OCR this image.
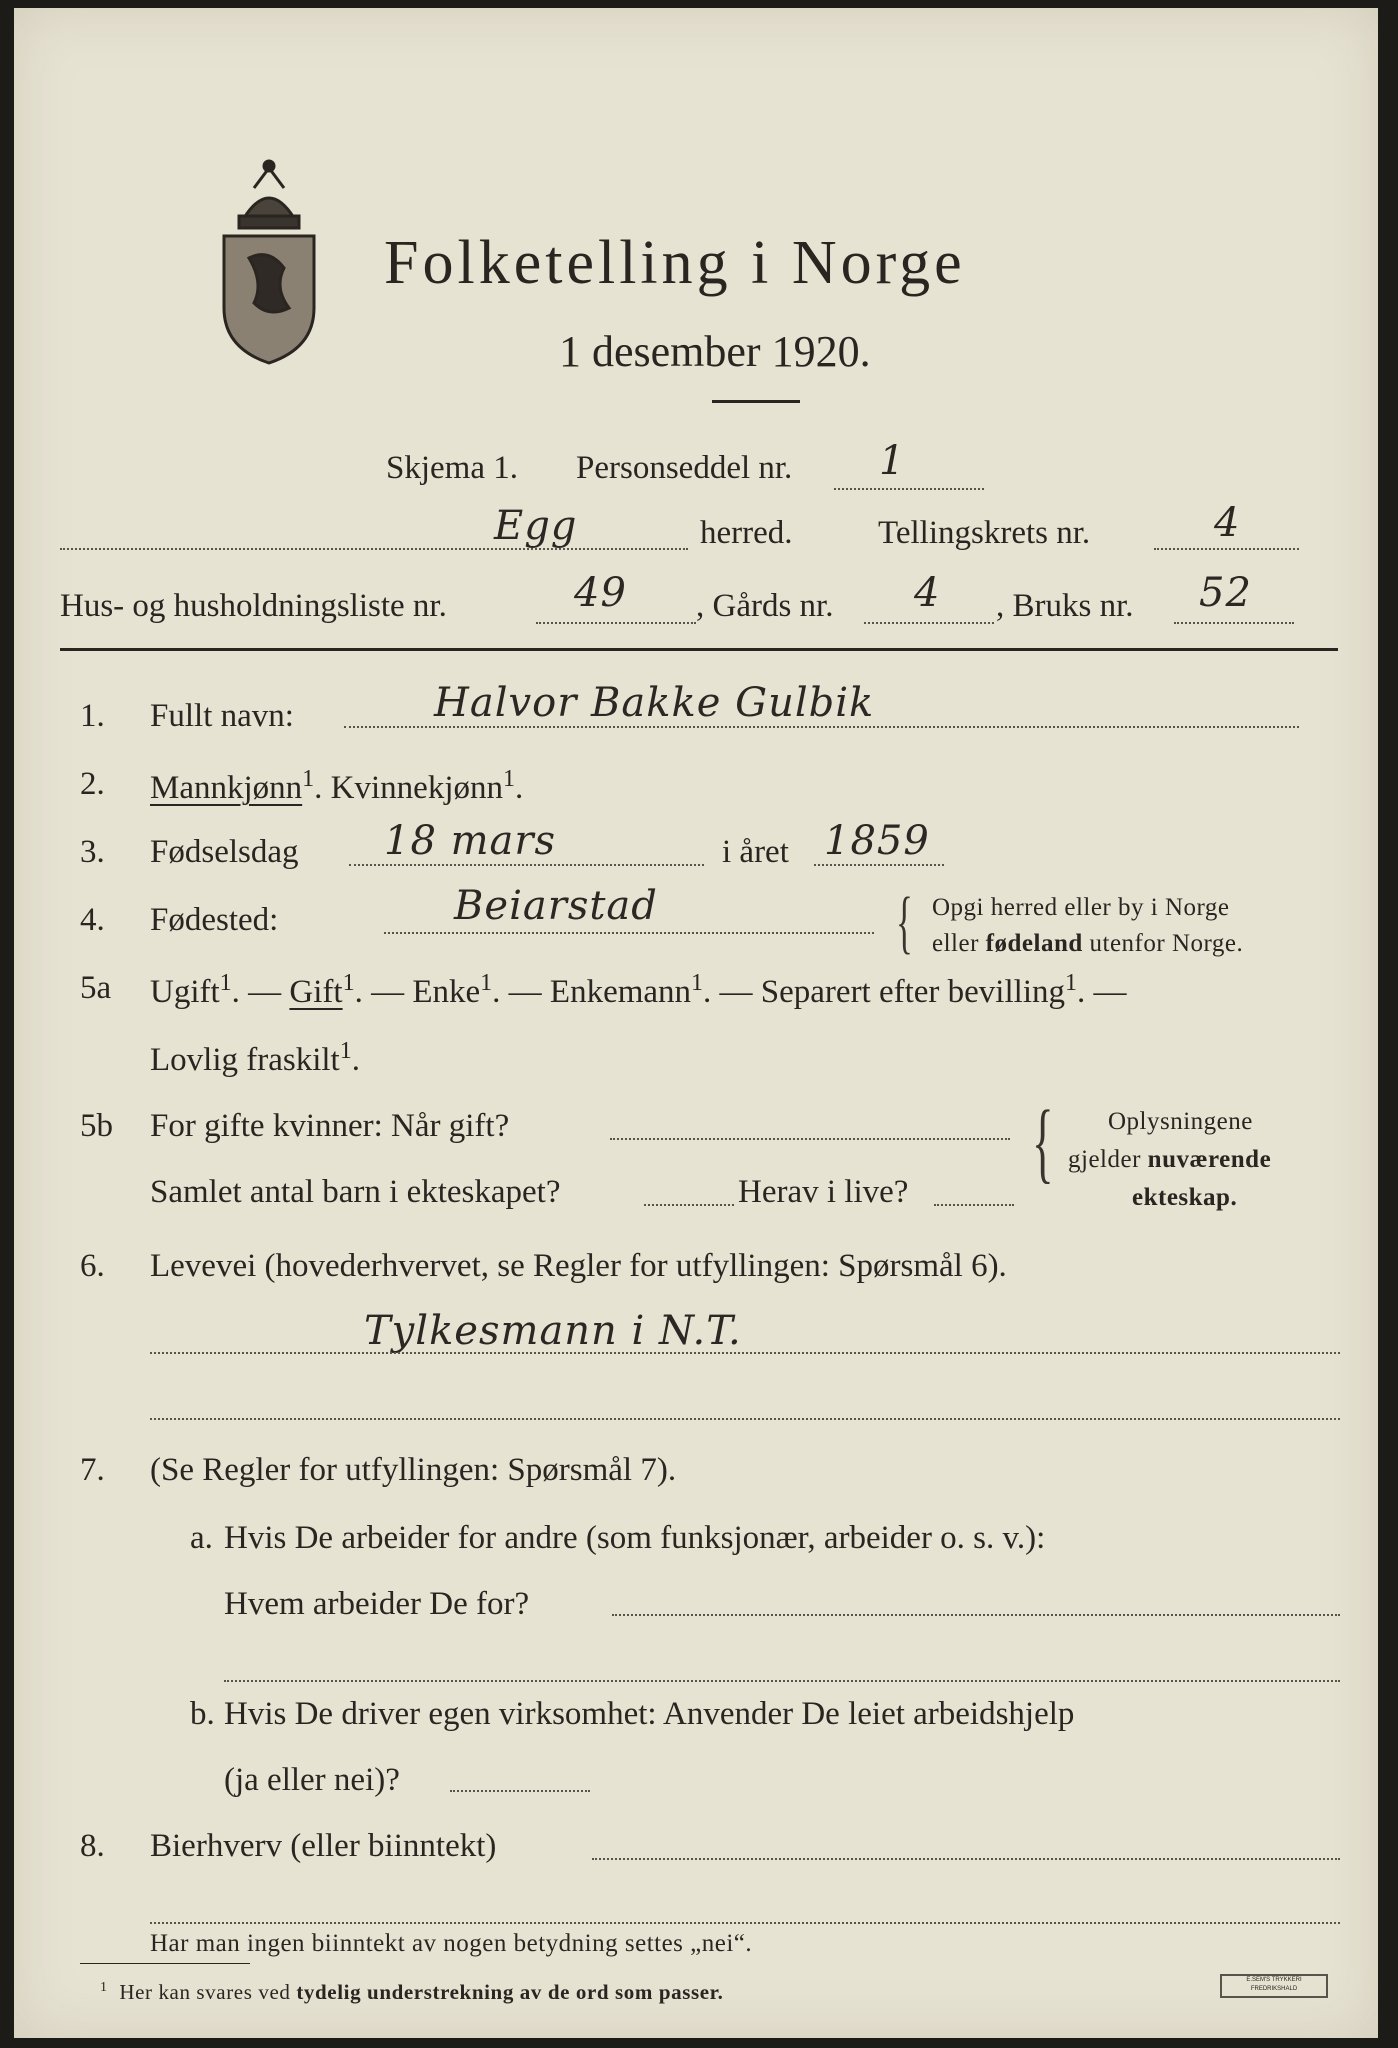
Folketelling i Norge
1 desember 1920.
Skjema 1. Personseddel nr. 1
Egg	herred.	Tellingskrets nr.	4
Hus- og husholdningsliste nr.	49 , Gårds nr. 4 , Bruks nr. 52
1. Fullt navn:	Halvor Bakke Gulbik
2. Mannkjønn$^1$. Kvinnekjønn$^1$.
3. Fødselsdag 18 mars	i året 1859
4. Fødested:	Beiarstad	{ Opgi herred eller by i Norge
eller fødeland utenfor Norge.
5a Ugift$^1$. — Gift$^1$. — Enke$^1$. — Enkemann$^1$. — Separert efter bevilling$^1$. —
Lovlig fraskilt$^1$.
5b For gifte kvinner: Når gift?
Samlet antal barn i ekteskapet?	Herav i live? { Oplysningene
gjelder nuværende
ekteskap.
6. Levevei (hovederhvervet, se Regler for utfyllingen: Spørsmål 6).
Tylkesmann i N.T.
7. (Se Regler for utfyllingen: Spørsmål 7).
a. Hvis De arbeider for andre (som funksjonær, arbeider o. s. v.):
Hvem arbeider De for?
b. Hvis De driver egen virksomhet: Anvender De leiet arbeidshjelp
(ja eller nei)?
8. Bierhverv (eller biinntekt)
Har man ingen biinntekt av nogen betydning settes „nei“.
$^1$ Her kan svares ved tydelig understrekning av de ord som passer.	E.SEM'S TRYKKERI
FREDRIKSHALD
